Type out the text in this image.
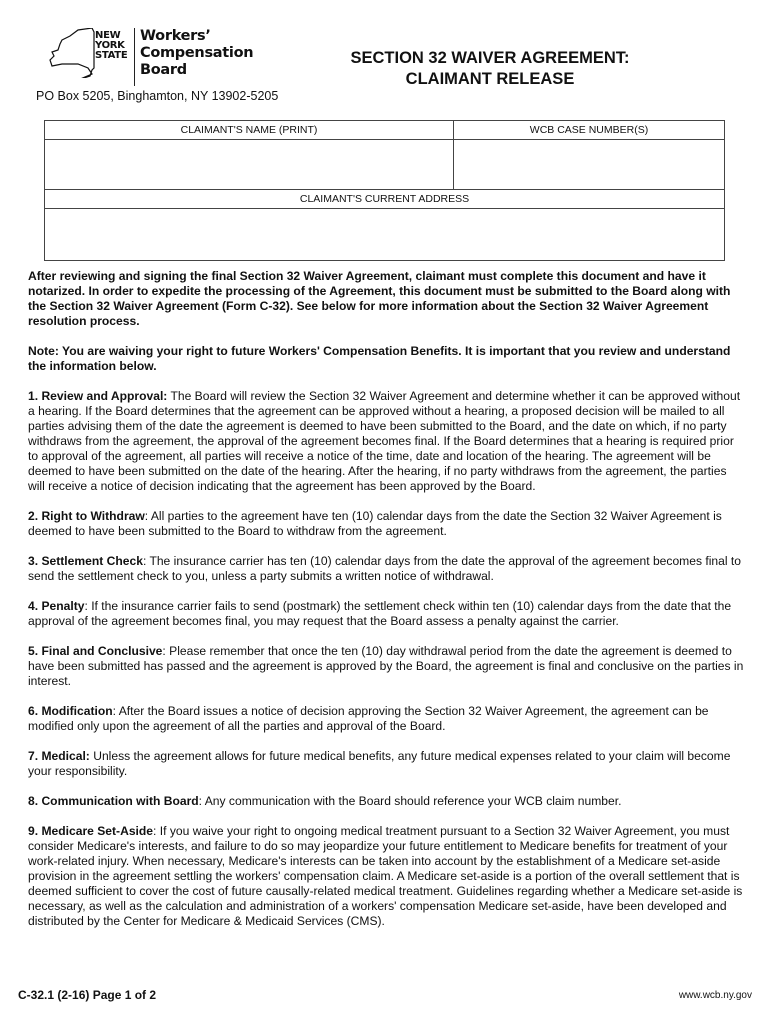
NEW
YORK
STATE
Workers’
Compensation
Board
PO Box 5205, Binghamton, NY 13902-5205
SECTION 32 WAIVER AGREEMENT:
CLAIMANT RELEASE
CLAIMANT'S NAME (PRINT)	WCB CASE NUMBER(S)

CLAIMANT'S CURRENT ADDRESS	

After reviewing and signing the final Section 32 Waiver Agreement, claimant must complete this document and have it notarized. In order to expedite the processing of the Agreement, this document must be submitted to the Board along with the Section 32 Waiver Agreement (Form C-32). See below for more information about the Section 32 Waiver Agreement resolution process.

Note: You are waiving your right to future Workers' Compensation Benefits. It is important that you review and understand the information below.

1. Review and Approval: The Board will review the Section 32 Waiver Agreement and determine whether it can be approved without a hearing. If the Board determines that the agreement can be approved without a hearing, a proposed decision will be mailed to all parties advising them of the date the agreement is deemed to have been submitted to the Board, and the date on which, if no party withdraws from the agreement, the approval of the agreement becomes final. If the Board determines that a hearing is required prior to approval of the agreement, all parties will receive a notice of the time, date and location of the hearing. The agreement will be deemed to have been submitted on the date of the hearing. After the hearing, if no party withdraws from the agreement, the parties will receive a notice of decision indicating that the agreement has been approved by the Board.

2. Right to Withdraw: All parties to the agreement have ten (10) calendar days from the date the Section 32 Waiver Agreement is deemed to have been submitted to the Board to withdraw from the agreement.

3. Settlement Check: The insurance carrier has ten (10) calendar days from the date the approval of the agreement becomes final to send the settlement check to you, unless a party submits a written notice of withdrawal.

4. Penalty: If the insurance carrier fails to send (postmark) the settlement check within ten (10) calendar days from the date that the approval of the agreement becomes final, you may request that the Board assess a penalty against the carrier.

5. Final and Conclusive: Please remember that once the ten (10) day withdrawal period from the date the agreement is deemed to have been submitted has passed and the agreement is approved by the Board, the agreement is final and conclusive on the parties in interest.

6. Modification: After the Board issues a notice of decision approving the Section 32 Waiver Agreement, the agreement can be modified only upon the agreement of all the parties and approval of the Board.

7. Medical: Unless the agreement allows for future medical benefits, any future medical expenses related to your claim will become your responsibility.

8. Communication with Board: Any communication with the Board should reference your WCB claim number.

9. Medicare Set-Aside: If you waive your right to ongoing medical treatment pursuant to a Section 32 Waiver Agreement, you must consider Medicare's interests, and failure to do so may jeopardize your future entitlement to Medicare benefits for treatment of your work-related injury. When necessary, Medicare's interests can be taken into account by the establishment of a Medicare set-aside provision in the agreement settling the workers' compensation claim. A Medicare set-aside is a portion of the overall settlement that is deemed sufficient to cover the cost of future causally-related medical treatment. Guidelines regarding whether a Medicare set-aside is necessary, as well as the calculation and administration of a workers' compensation Medicare set-aside, have been developed and distributed by the Center for Medicare & Medicaid Services (CMS).

C-32.1 (2-16) Page 1 of 2	www.wcb.ny.gov
